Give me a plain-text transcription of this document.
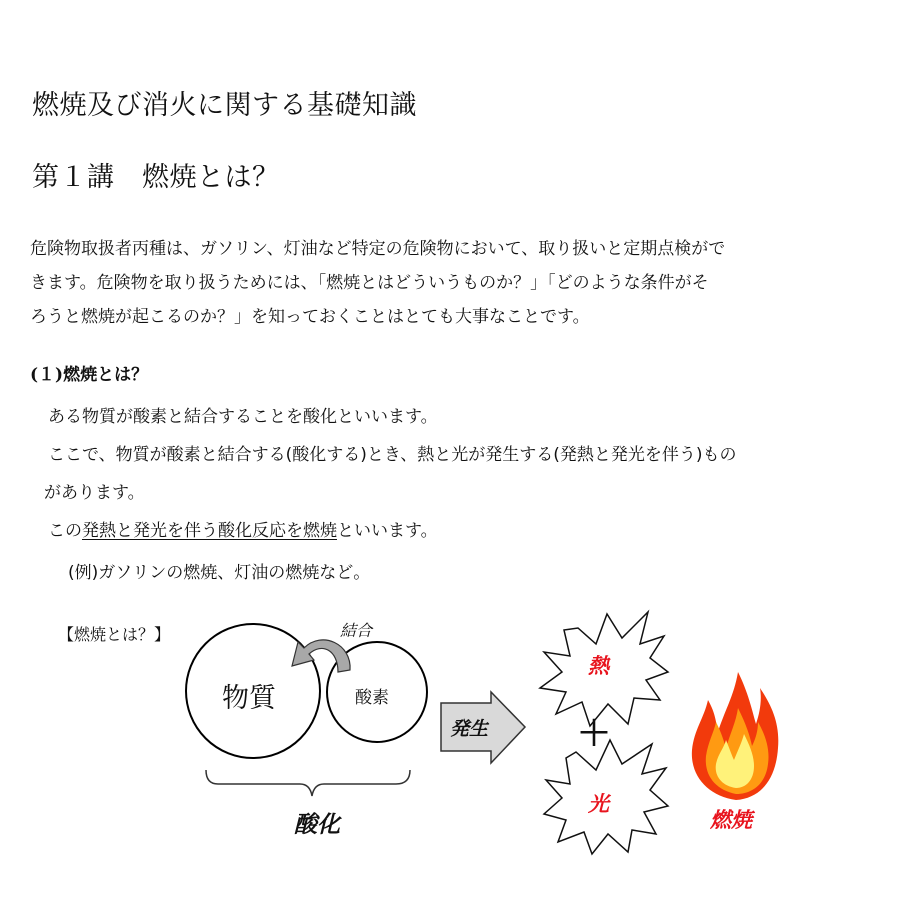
燃焼及び消火に関する基礎知識
第１講　 燃焼とは？
危険物取扱者丙種は、ガソリン、灯油など特定の危険物において、取り扱いと定期点検がで
きます。危険物を取り扱うためには、「燃焼とはどういうものか？」「どのような条件がそ
ろうと燃焼が起こるのか？」を知っておくことはとても大事なことです。
(１)燃焼とは？
ある物質が酸素と結合することを酸化といいます。
ここで、物質が酸素と結合する(酸化する)とき、熱と光が発生する(発熱と発光を伴う)もの
があります。
この発熱と発光を伴う酸化反応を燃焼といいます。
(例)ガソリンの燃焼、灯油の燃焼など。
【燃焼とは？】
物質	酸素
結合
酸化
発生
熱
＋
光
燃焼
